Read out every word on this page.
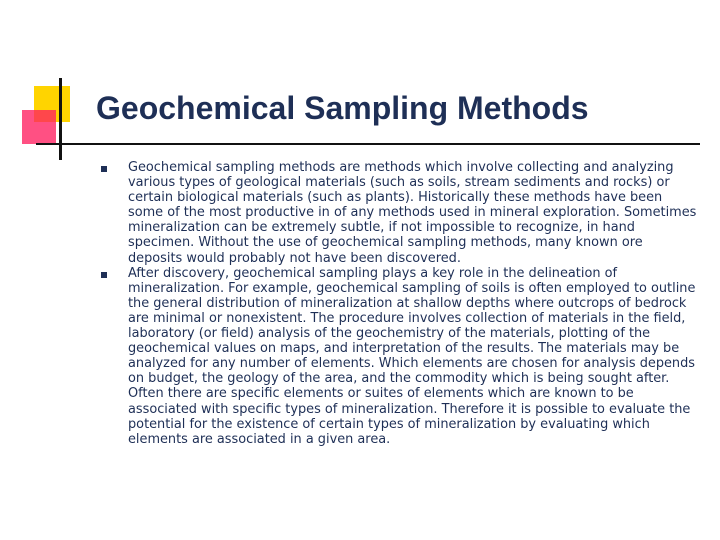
Geochemical Sampling Methods
Geochemical sampling methods are methods which involve collecting and analyzing various types of geological materials (such as soils, stream sediments and rocks) or certain biological materials (such as plants). Historically these methods have been some of the most productive in of any methods used in mineral exploration. Sometimes mineralization can be extremely subtle, if not impossible to recognize, in hand specimen. Without the use of geochemical sampling methods, many known ore deposits would probably not have been discovered.
After discovery, geochemical sampling plays a key role in the delineation of mineralization. For example, geochemical sampling of soils is often employed to outline the general distribution of mineralization at shallow depths where outcrops of bedrock are minimal or nonexistent. The procedure involves collection of materials in the field, laboratory (or field) analysis of the geochemistry of the materials, plotting of the geochemical values on maps, and interpretation of the results. The materials may be analyzed for any number of elements. Which elements are chosen for analysis depends on budget, the geology of the area, and the commodity which is being sought after. Often there are specific elements or suites of elements which are known to be associated with specific types of mineralization. Therefore it is possible to evaluate the potential for the existence of certain types of mineralization by evaluating which elements are associated in a given area.
